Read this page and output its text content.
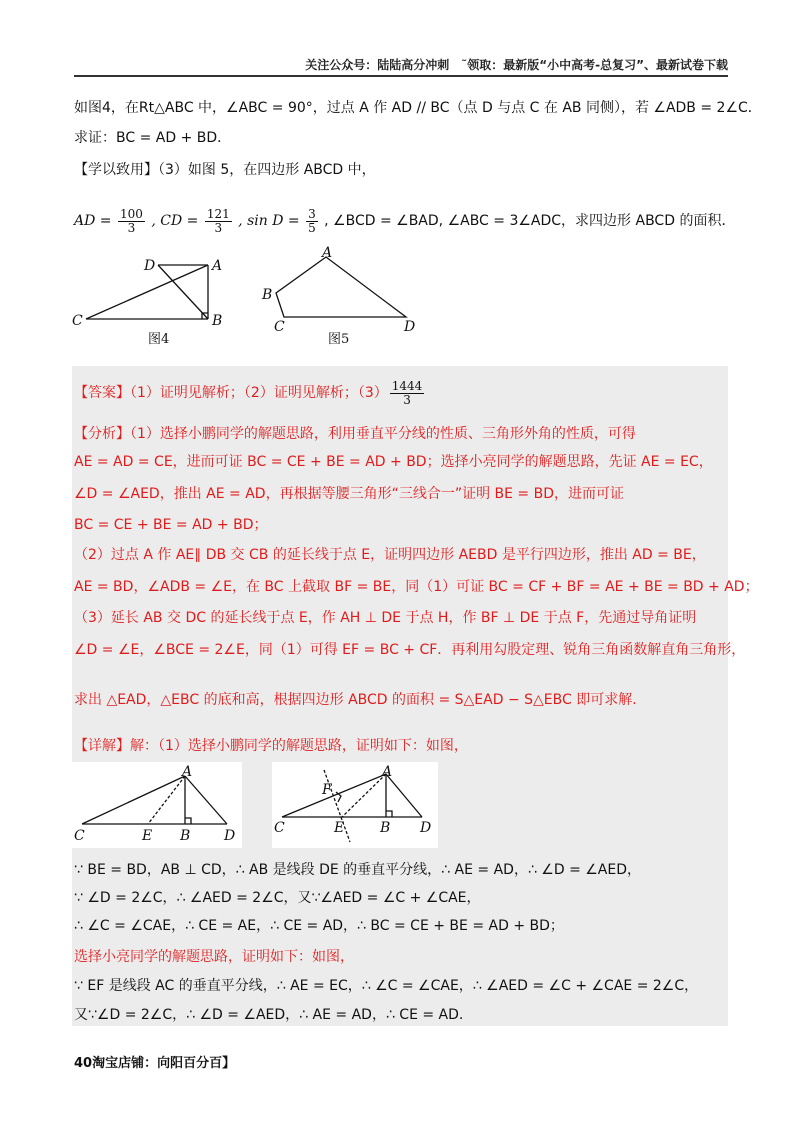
关注公众号：陆陆高分冲刺　˜领取：最新版“小中高考-总复习”、最新试卷下载
如图4，在Rt△ABC 中，∠ABC = 90°，过点 A 作 AD // BC（点 D 与点 C 在 AB 同侧），若 ∠ADB = 2∠C．
求证：BC = AD + BD．
【学以致用】（3）如图 5，在四边形 ABCD 中，
AD = $\frac{100}{3}$ , CD = $\frac{121}{3}$ , $\sin D = \frac{3}{5}$ , ∠BCD = ∠BAD, ∠ABC = 3∠ADC，求四边形 ABCD 的面积．
D	A
C	B
图4
A
B
C	D
图5
【答案】（1）证明见解析；（2）证明见解析；$(3) \frac{1444}{3}$
【分析】（1）选择小鹏同学的解题思路，利用垂直平分线的性质、三角形外角的性质，可得
AE = AD = CE，进而可证 BC = CE + BE = AD + BD；选择小亮同学的解题思路，先证 AE = EC，
∠D = ∠AED，推出 AE = AD，再根据等腰三角形“三线合一”证明 BE = BD，进而可证
BC = CE + BE = AD + BD；
（2）过点 A 作 AE∥ DB 交 CB 的延长线于点 E，证明四边形 AEBD 是平行四边形，推出 AD = BE，
AE = BD，∠ADB = ∠E，在 BC 上截取 BF = BE，同（1）可证 BC = CF + BF = AE + BE = BD + AD；
（3）延长 AB 交 DC 的延长线于点 E，作 AH ⊥ DE 于点 H，作 BF ⊥ DE 于点 F，先通过导角证明
∠D = ∠E，∠BCE = 2∠E，同（1）可得 EF = BC + CF．再利用勾股定理、锐角三角函数解直角三角形，
求出 △EAD，△EBC 的底和高，根据四边形 ABCD 的面积 = S△EAD − S△EBC 即可求解.
【详解】解：（1）选择小鹏同学的解题思路，证明如下：如图，
A
C	E B D
A
F
C	E	B D
∵ BE = BD，AB ⊥ CD，∴ AB 是线段 DE 的垂直平分线，∴ AE = AD，∴ ∠D = ∠AED，
∵ ∠D = 2∠C，∴ ∠AED = 2∠C，又∵∠AED = ∠C + ∠CAE，
∴ ∠C = ∠CAE，∴ CE = AE，∴ CE = AD，∴ BC = CE + BE = AD + BD；
选择小亮同学的解题思路，证明如下：如图，
∵ EF 是线段 AC 的垂直平分线，∴ AE = EC，∴ ∠C = ∠CAE，∴ ∠AED = ∠C + ∠CAE = 2∠C，
又∵∠D = 2∠C，∴ ∠D = ∠AED，∴ AE = AD，∴ CE = AD.
40淘宝店铺：向阳百分百】
